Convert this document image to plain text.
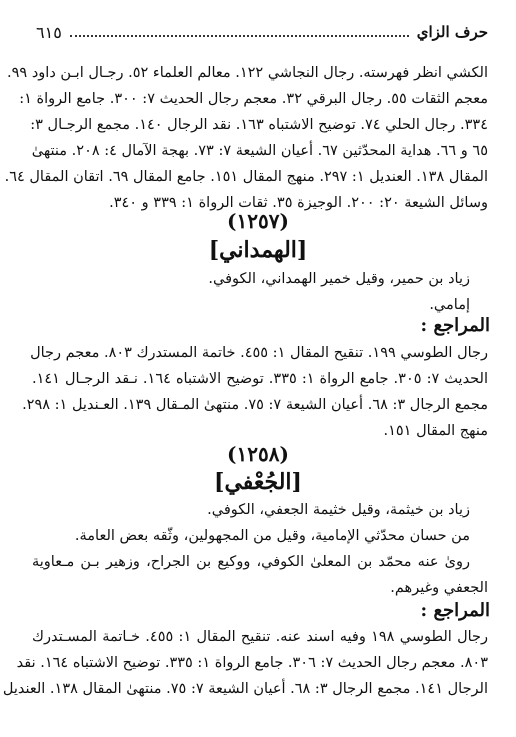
حرف الزاي
٦١٥
الكشي انظر فهرسته. رجال النجاشي ١٢٢. معالم العلماء ٥٢. رجـال ابـن داود ٩٩.
معجم الثقات ٥٥. رجال البرقي ٣٢. معجم رجال الحديث ٧: ٣٠٠. جامع الرواة ١:
٣٣٤. رجال الحلي ٧٤. توضيح الاشتباه ١٦٣. نقد الرجال ١٤٠. مجمع الرجـال ٣:
٦٥ و ٦٦. هداية المحدّثين ٦٧. أعيان الشيعة ٧: ٧٣. بهجة الآمال ٤: ٢٠٨. منتهىٰ
المقال ١٣٨. العنديل ١: ٢٩٧. منهج المقال ١٥١. جامع المقال ٦٩. اتقان المقال ٦٤.
وسائل الشيعة ٢٠: ٢٠٠. الوجيزة ٣٥. ثقات الرواة ١: ٣٣٩ و ٣٤٠.
(١٢٥٧)
[الهمداني]
زياد بن حمير، وقيل خمير الهمداني، الكوفي.
إمامي.
المراجع :
رجال الطوسي ١٩٩. تنقيح المقال ١: ٤٥٥. خاتمة المستدرك ٨٠٣. معجم رجال
الحديث ٧: ٣٠٥. جامع الرواة ١: ٣٣٥. توضيح الاشتباه ١٦٤. نـقد الرجـال ١٤١.
مجمع الرجال ٣: ٦٨. أعيان الشيعة ٧: ٧٥. منتهىٰ المـقال ١٣٩. العـنديل ١: ٢٩٨.
منهج المقال ١٥١.
(١٢٥٨)
[الجُعْفي]
زياد بن خيثمة، وقيل خثيمة الجعفي، الكوفي.
من حسان محدّثي الإمامية، وقيل من المجهولين، وثّقه بعض العامة.
رویٰ عنه محمّد بن المعلیٰ الكوفي، ووكيع بن الجراح، وزهير بـن مـعاوية
الجعفي وغيرهم.
المراجع :
رجال الطوسي ١٩٨ وفيه اسند عنه. تنقيح المقال ١: ٤٥٥. خـاتمة المسـتدرك
٨٠٣. معجم رجال الحديث ٧: ٣٠٦. جامع الرواة ١: ٣٣٥. توضيح الاشتباه ١٦٤. نقد
الرجال ١٤١. مجمع الرجال ٣: ٦٨. أعيان الشيعة ٧: ٧٥. منتهىٰ المقال ١٣٨. العنديل
